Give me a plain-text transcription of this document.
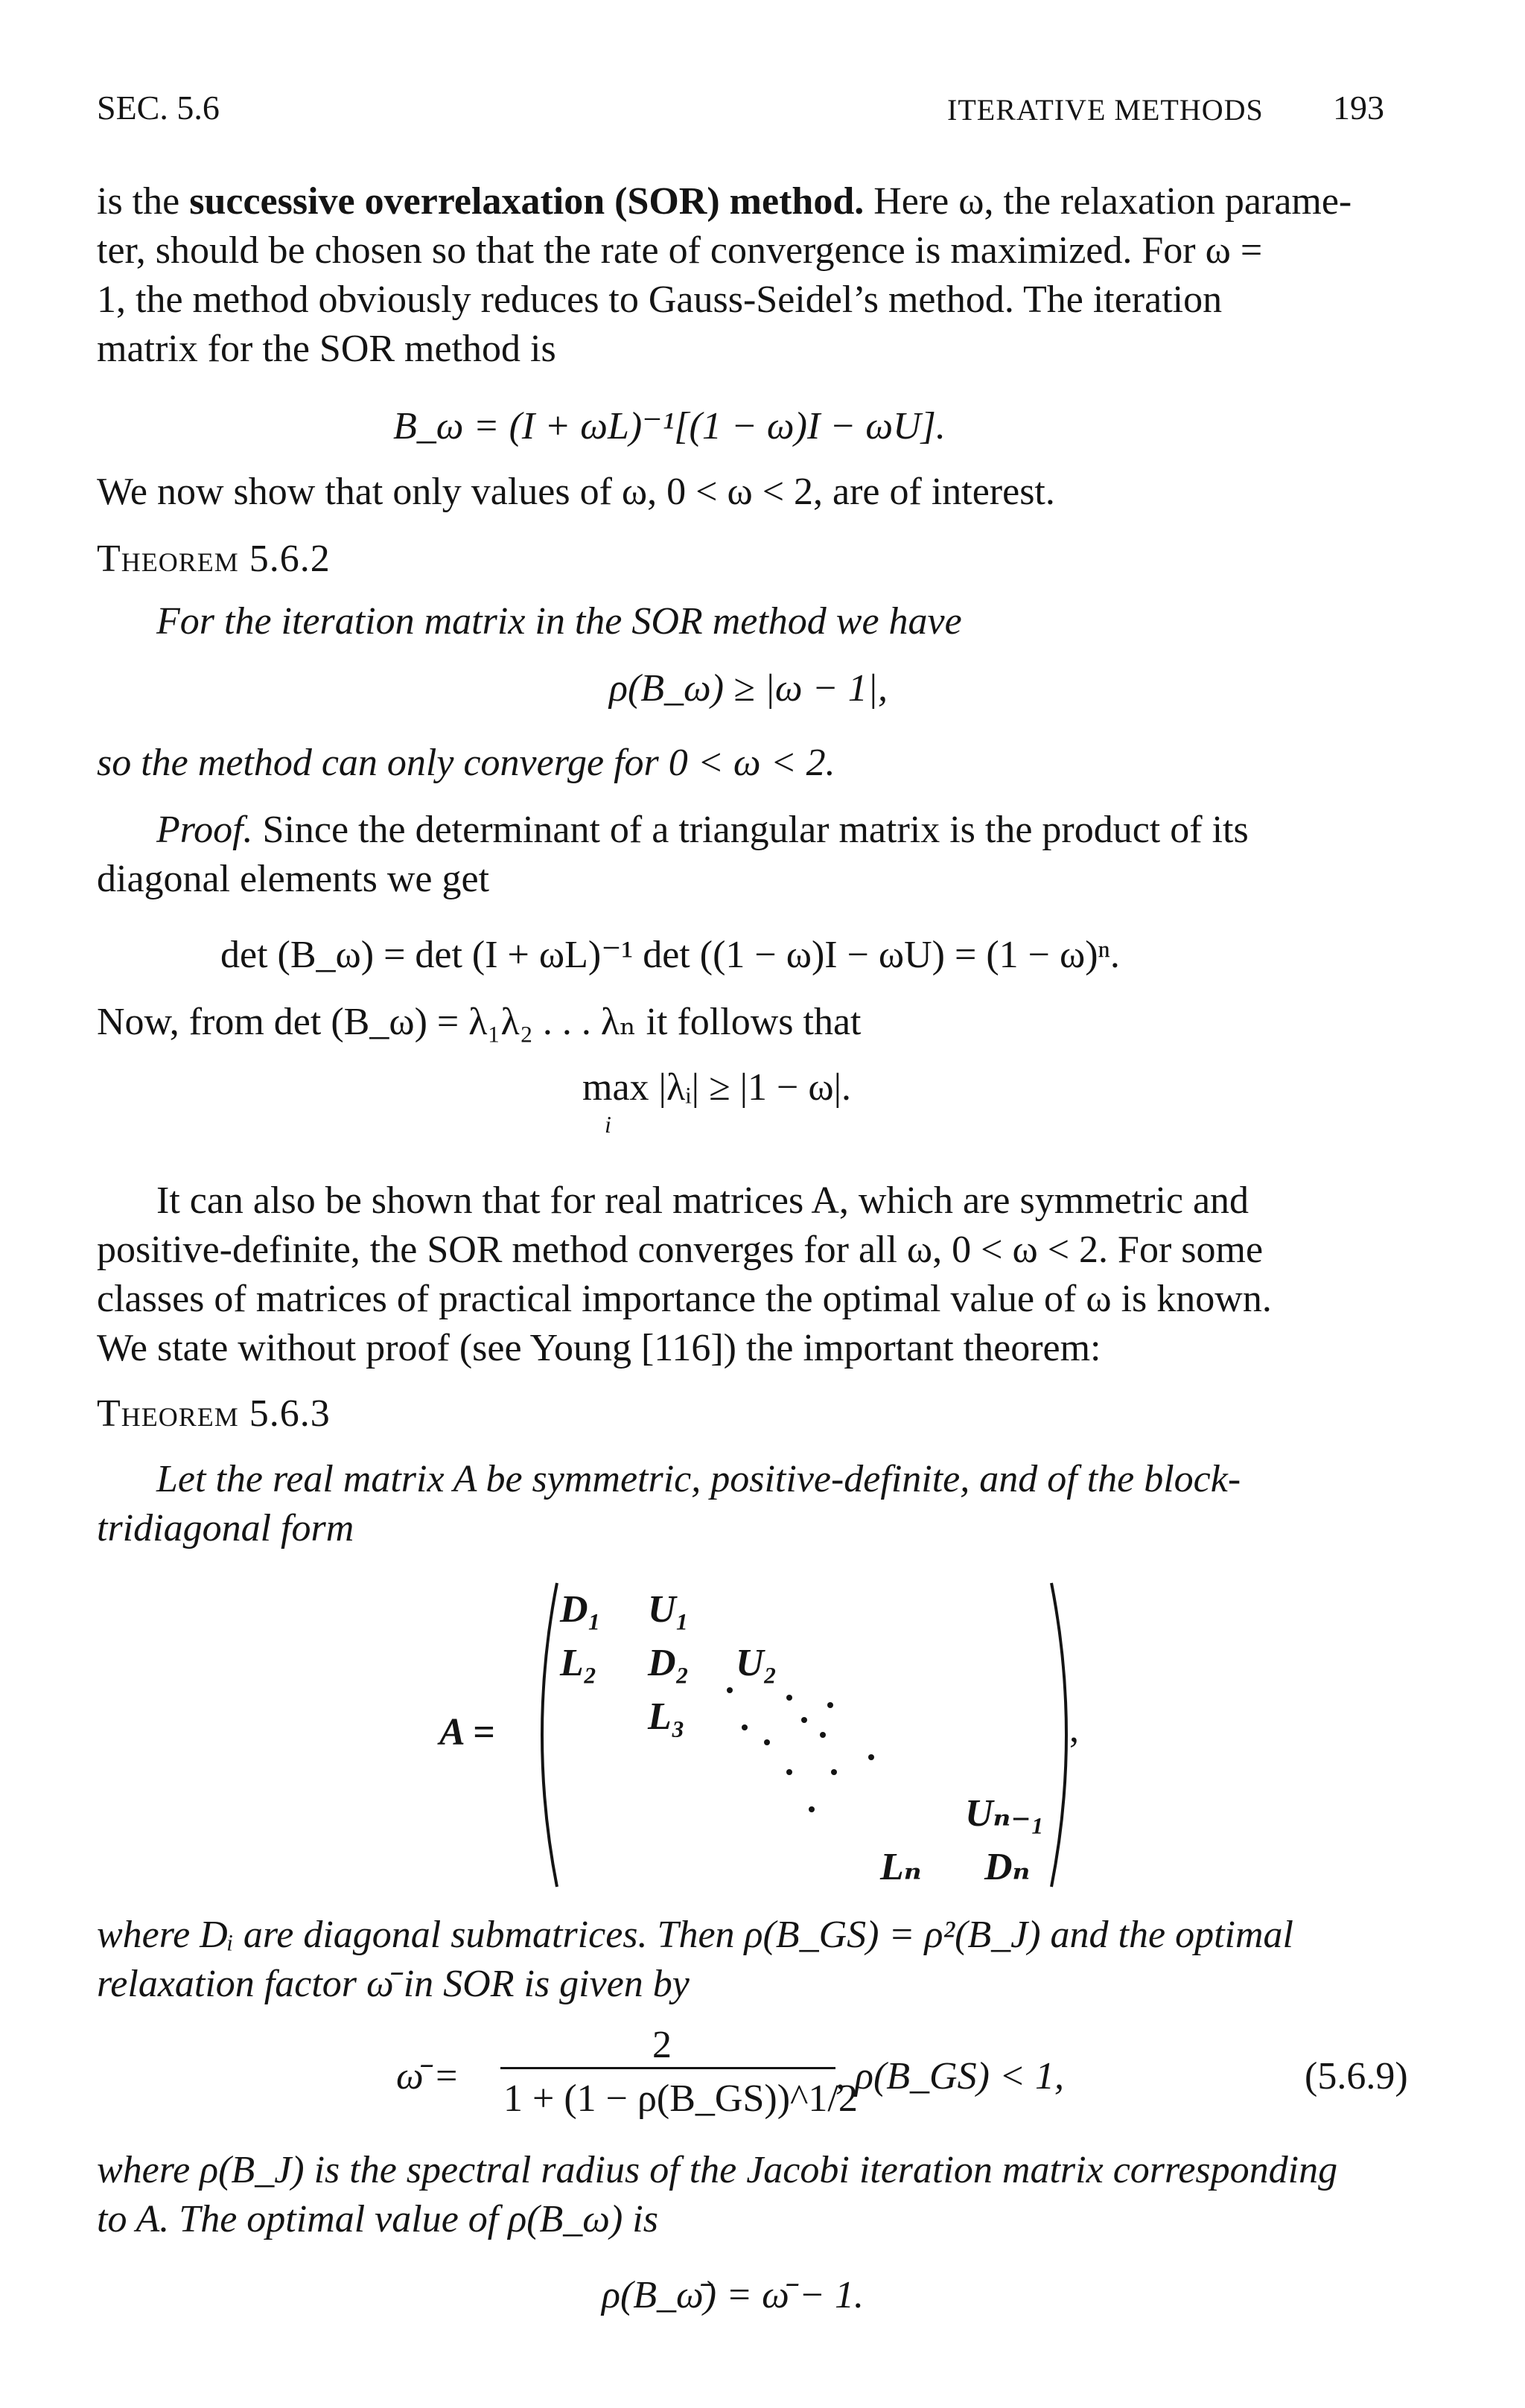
SEC. 5.6	ITERATIVE METHODS 193
is the successive overrelaxation (SOR) method. Here ω, the relaxation parame-
ter, should be chosen so that the rate of convergence is maximized. For ω =
1, the method obviously reduces to Gauss-Seidel’s method. The iteration
matrix for the SOR method is
B_ω = (I + ωL)⁻¹[(1 − ω)I − ωU].
We now show that only values of ω, 0 < ω < 2, are of interest.
Theorem 5.6.2
For the iteration matrix in the SOR method we have
ρ(B_ω) ≥ |ω − 1|,
so the method can only converge for 0 < ω < 2.
Proof. Since the determinant of a triangular matrix is the product of its
diagonal elements we get
det (B_ω) = det (I + ωL)⁻¹ det ((1 − ω)I − ωU) = (1 − ω)ⁿ.
Now, from det (B_ω) = λ₁λ₂ . . . λₙ it follows that
max |λᵢ| ≥ |1 − ω|.
i
It can also be shown that for real matrices A, which are symmetric and
positive-definite, the SOR method converges for all ω, 0 < ω < 2. For some
classes of matrices of practical importance the optimal value of ω is known.
We state without proof (see Young [116]) the important theorem:
Theorem 5.6.3
Let the real matrix A be symmetric, positive-definite, and of the block-
tridiagonal form
A =
D₁ U₁
L₂ D₂ U₂
L₃
Uₙ₋₁
Lₙ Dₙ
,
where Dᵢ are diagonal submatrices. Then ρ(B_GS) = ρ²(B_J) and the optimal
relaxation factor ω̄ in SOR is given by
ω̄ =
2
1 + (1 − ρ(B_GS))^1/2
, ρ(B_GS) < 1,	(5.6.9)
where ρ(B_J) is the spectral radius of the Jacobi iteration matrix corresponding
to A. The optimal value of ρ(B_ω) is
ρ(B_ω̄) = ω̄ − 1.
